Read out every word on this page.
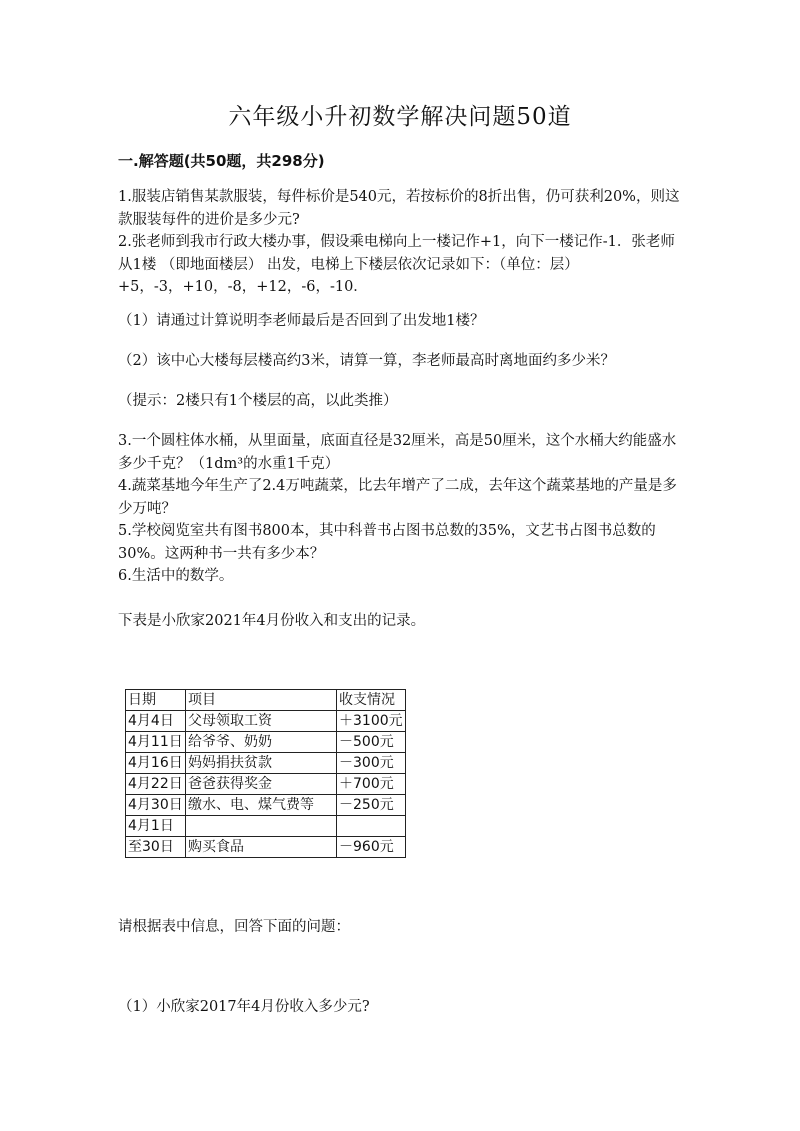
六年级小升初数学解决问题50道
一.解答题(共50题，共298分)
1.服装店销售某款服装，每件标价是540元，若按标价的8折出售，仍可获利20%，则这款服装每件的进价是多少元?
2.张老师到我市行政大楼办事，假设乘电梯向上一楼记作+1，向下一楼记作-1．张老师从1楼 （即地面楼层） 出发，电梯上下楼层依次记录如下：（单位：层）+5，-3，+10，-8，+12，-6，-10．
（1）请通过计算说明李老师最后是否回到了出发地1楼？
（2）该中心大楼每层楼高约3米，请算一算，李老师最高时离地面约多少米？
（提示：2楼只有1个楼层的高，以此类推）
3.一个圆柱体水桶，从里面量，底面直径是32厘米，高是50厘米，这个水桶大约能盛水多少千克？（1dm³的水重1千克）
4.蔬菜基地今年生产了2.4万吨蔬菜，比去年增产了二成，去年这个蔬菜基地的产量是多少万吨？
5.学校阅览室共有图书800本，其中科普书占图书总数的35%，文艺书占图书总数的30%。这两种书一共有多少本？
6.生活中的数学。
下表是小欣家2021年4月份收入和支出的记录。
日期	项目	收支情况
4月4日	父母领取工资	＋3100元
4月11日	给爷爷、奶奶	－500元
4月16日	妈妈捐扶贫款	－300元
4月22日	爸爸获得奖金	＋700元
4月30日	缴水、电、煤气费等	－250元
4月1日		
至30日	购买食品	－960元
请根据表中信息，回答下面的问题：
（1）小欣家2017年4月份收入多少元?
